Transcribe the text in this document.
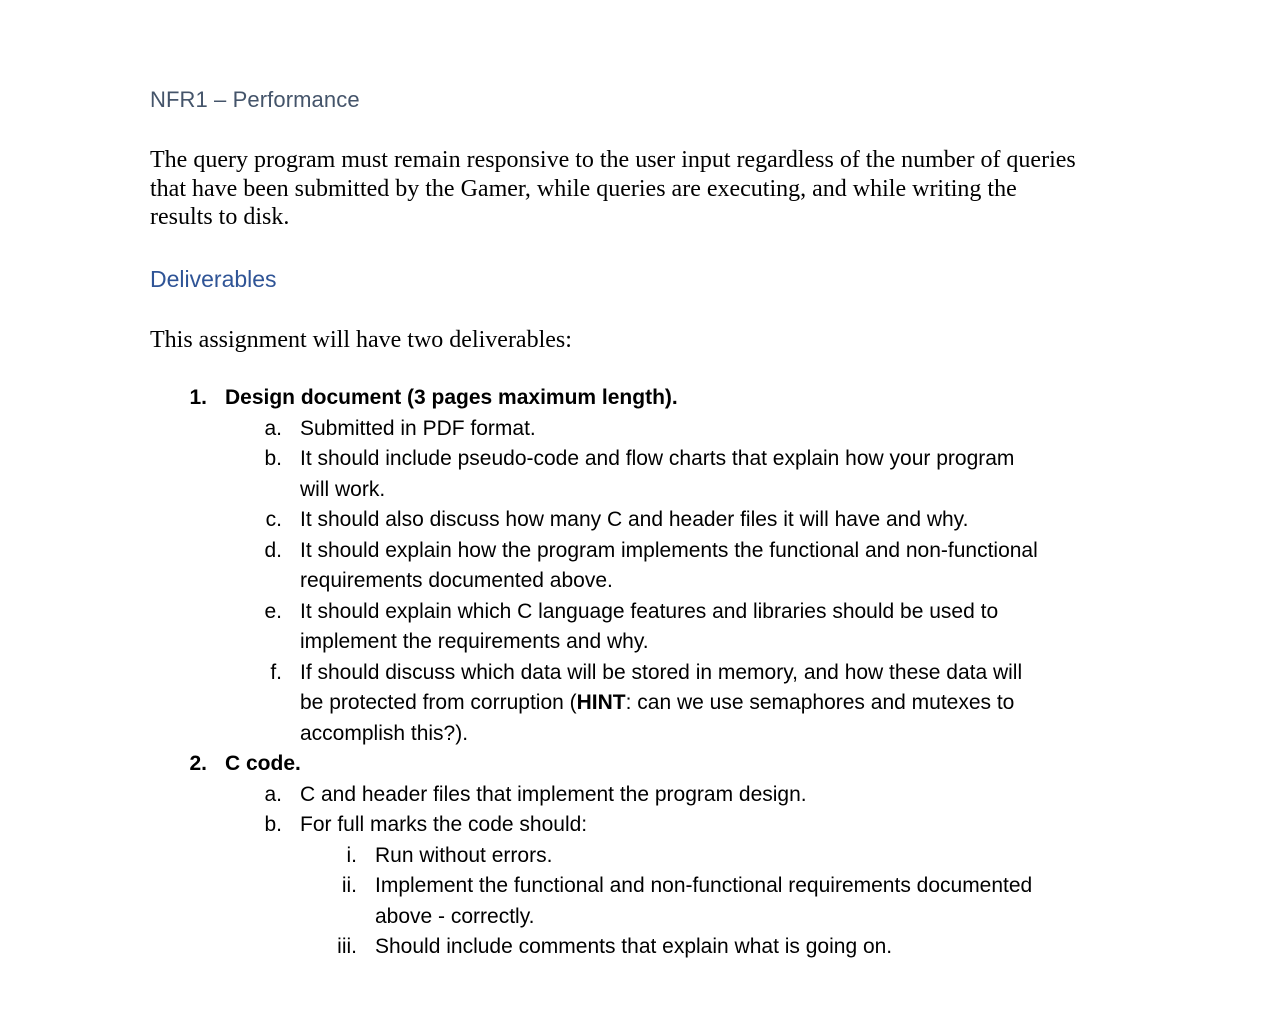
NFR1 – Performance
The query program must remain responsive to the user input regardless of the number of queries
that have been submitted by the Gamer, while queries are executing, and while writing the
results to disk.
Deliverables
This assignment will have two deliverables:
1. Design document (3 pages maximum length).
a. Submitted in PDF format.
b. It should include pseudo-code and flow charts that explain how your program
will work.
c. It should also discuss how many C and header files it will have and why.
d. It should explain how the program implements the functional and non-functional
requirements documented above.
e. It should explain which C language features and libraries should be used to
implement the requirements and why.
f. If should discuss which data will be stored in memory, and how these data will
be protected from corruption (HINT: can we use semaphores and mutexes to
accomplish this?).
2. C code.
a. C and header files that implement the program design.
b. For full marks the code should:
i. Run without errors.
ii. Implement the functional and non-functional requirements documented
above - correctly.
iii. Should include comments that explain what is going on.
